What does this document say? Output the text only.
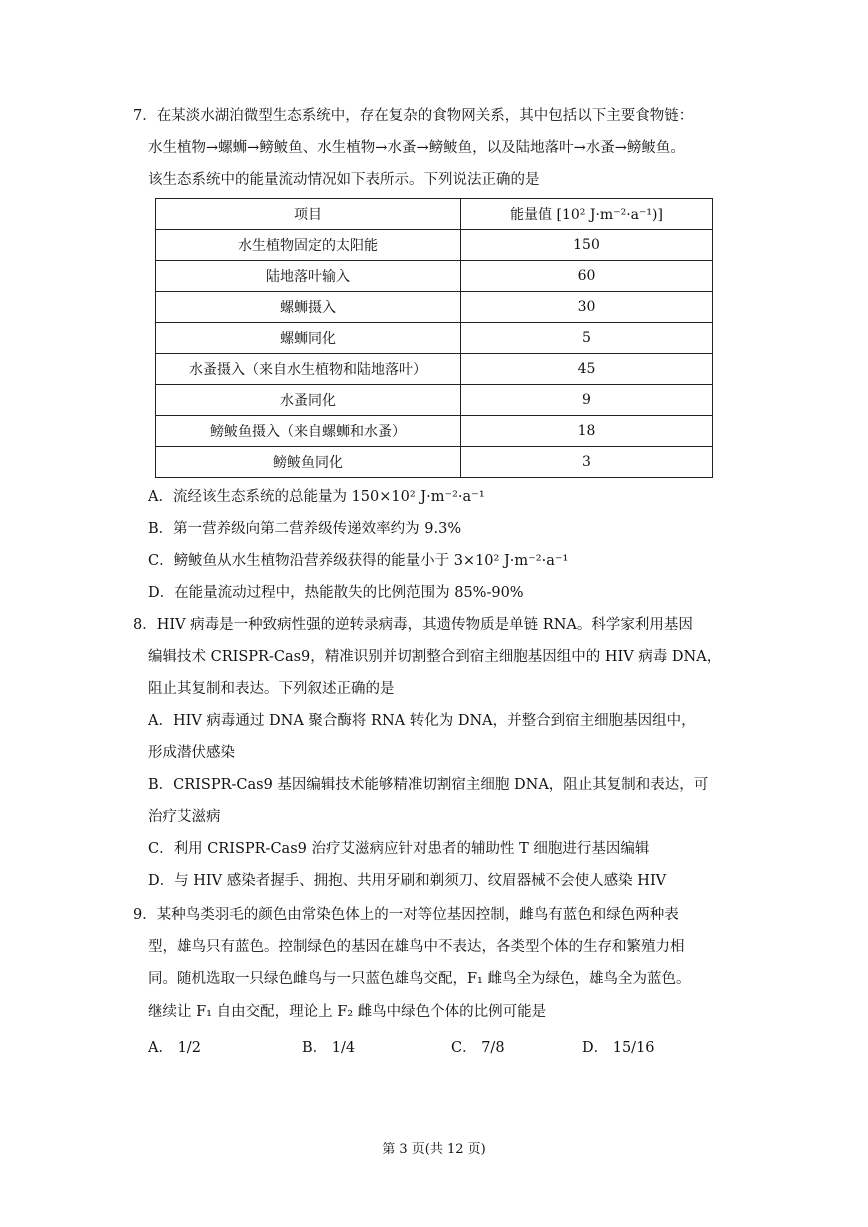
7．在某淡水湖泊微型生态系统中，存在复杂的食物网关系，其中包括以下主要食物链：
水生植物→螺蛳→鳑鲏鱼、水生植物→水蚤→鳑鲏鱼，以及陆地落叶→水蚤→鳑鲏鱼。
该生态系统中的能量流动情况如下表所示。下列说法正确的是
项目	能量值 [10² J·m⁻²·a⁻¹)]
水生植物固定的太阳能	150
陆地落叶输入	60
螺蛳摄入	30
螺蛳同化	5
水蚤摄入（来自水生植物和陆地落叶）	45
水蚤同化	9
鳑鲏鱼摄入（来自螺蛳和水蚤）	18
鳑鲏鱼同化	3
A．流经该生态系统的总能量为 150×10² J·m⁻²·a⁻¹
B．第一营养级向第二营养级传递效率约为 9.3%
C．鳑鲏鱼从水生植物沿营养级获得的能量小于 3×10² J·m⁻²·a⁻¹
D．在能量流动过程中，热能散失的比例范围为 85%-90%
8．HIV 病毒是一种致病性强的逆转录病毒，其遗传物质是单链 RNA。科学家利用基因
编辑技术 CRISPR-Cas9，精准识别并切割整合到宿主细胞基因组中的 HIV 病毒 DNA，
阻止其复制和表达。下列叙述正确的是
A．HIV 病毒通过 DNA 聚合酶将 RNA 转化为 DNA，并整合到宿主细胞基因组中，
形成潜伏感染
B．CRISPR-Cas9 基因编辑技术能够精准切割宿主细胞 DNA，阻止其复制和表达，可
治疗艾滋病
C．利用 CRISPR-Cas9 治疗艾滋病应针对患者的辅助性 T 细胞进行基因编辑
D．与 HIV 感染者握手、拥抱、共用牙刷和剃须刀、纹眉器械不会使人感染 HIV
9．某种鸟类羽毛的颜色由常染色体上的一对等位基因控制，雌鸟有蓝色和绿色两种表
型，雄鸟只有蓝色。控制绿色的基因在雄鸟中不表达，各类型个体的生存和繁殖力相
同。随机选取一只绿色雌鸟与一只蓝色雄鸟交配，F₁ 雌鸟全为绿色，雄鸟全为蓝色。
继续让 F₁ 自由交配，理论上 F₂ 雌鸟中绿色个体的比例可能是
A． 1/2	B． 1/4	C． 7/8	D． 15/16
第 3 页(共 12 页)
